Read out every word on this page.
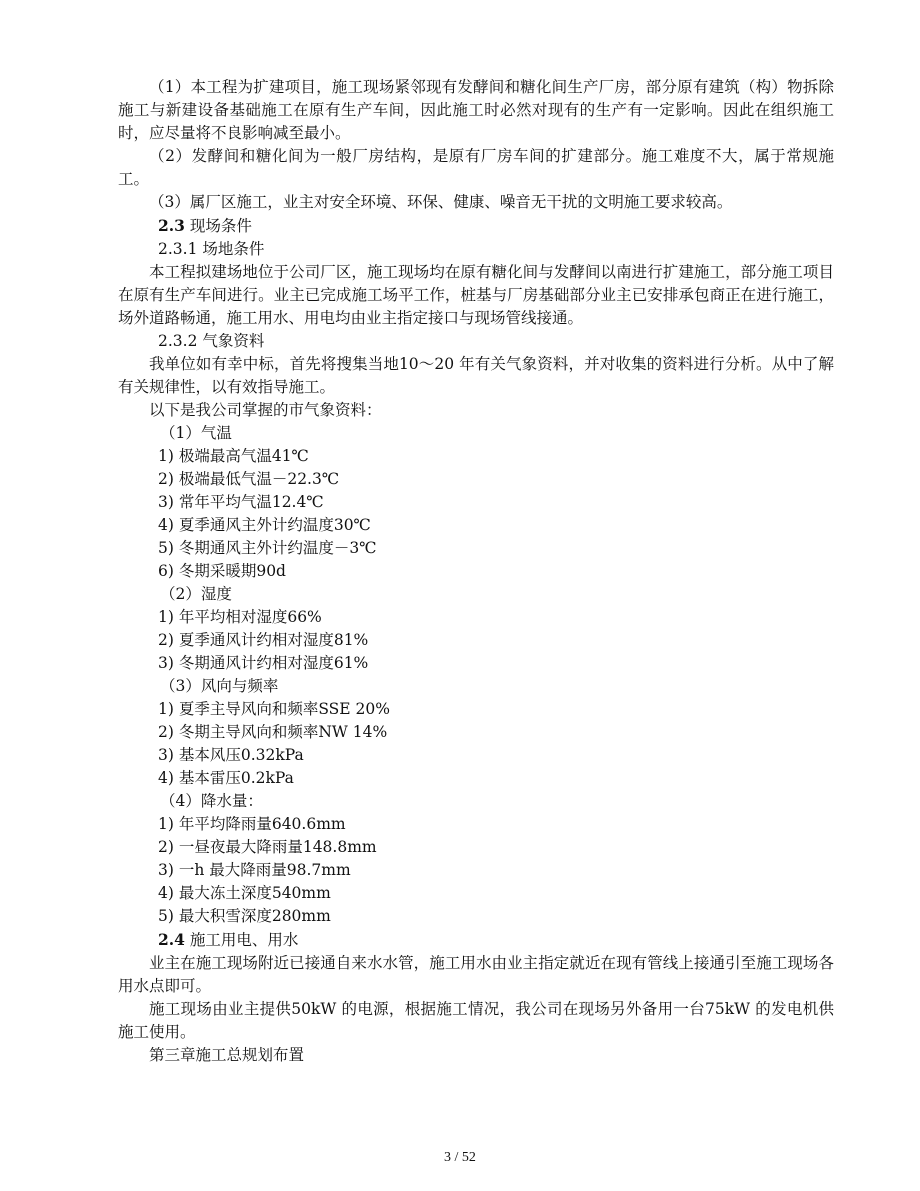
（1）本工程为扩建项目，施工现场紧邻现有发酵间和糖化间生产厂房，部分原有建筑（构）物拆除施工与新建设备基础施工在原有生产车间，因此施工时必然对现有的生产有一定影响。因此在组织施工时，应尽量将不良影响减至最小。

（2）发酵间和糖化间为一般厂房结构，是原有厂房车间的扩建部分。施工难度不大，属于常规施工。

（3）属厂区施工，业主对安全环境、环保、健康、噪音无干扰的文明施工要求较高。

2.3 现场条件

2.3.1 场地条件

本工程拟建场地位于公司厂区，施工现场均在原有糖化间与发酵间以南进行扩建施工，部分施工项目在原有生产车间进行。业主已完成施工场平工作，桩基与厂房基础部分业主已安排承包商正在进行施工，场外道路畅通，施工用水、用电均由业主指定接口与现场管线接通。

2.3.2 气象资料

我单位如有幸中标，首先将搜集当地10～20 年有关气象资料，并对收集的资料进行分析。从中了解有关规律性，以有效指导施工。

以下是我公司掌握的市气象资料：

（1）气温

1) 极端最高气温41℃

2) 极端最低气温－22.3℃

3) 常年平均气温12.4℃

4) 夏季通风主外计约温度30℃

5) 冬期通风主外计约温度－3℃

6) 冬期采暖期90d

（2）湿度

1) 年平均相对湿度66%

2) 夏季通风计约相对湿度81%

3) 冬期通风计约相对湿度61%

（3）风向与频率

1) 夏季主导风向和频率SSE 20%

2) 冬期主导风向和频率NW 14%

3) 基本风压0.32kPa

4) 基本雷压0.2kPa

（4）降水量：

1) 年平均降雨量640.6mm

2) 一昼夜最大降雨量148.8mm

3) 一h 最大降雨量98.7mm

4) 最大冻土深度540mm

5) 最大积雪深度280mm

2.4 施工用电、用水

业主在施工现场附近已接通自来水水管，施工用水由业主指定就近在现有管线上接通引至施工现场各用水点即可。

施工现场由业主提供50kW 的电源，根据施工情况，我公司在现场另外备用一台75kW 的发电机供施工使用。

第三章施工总规划布置

3 / 52
